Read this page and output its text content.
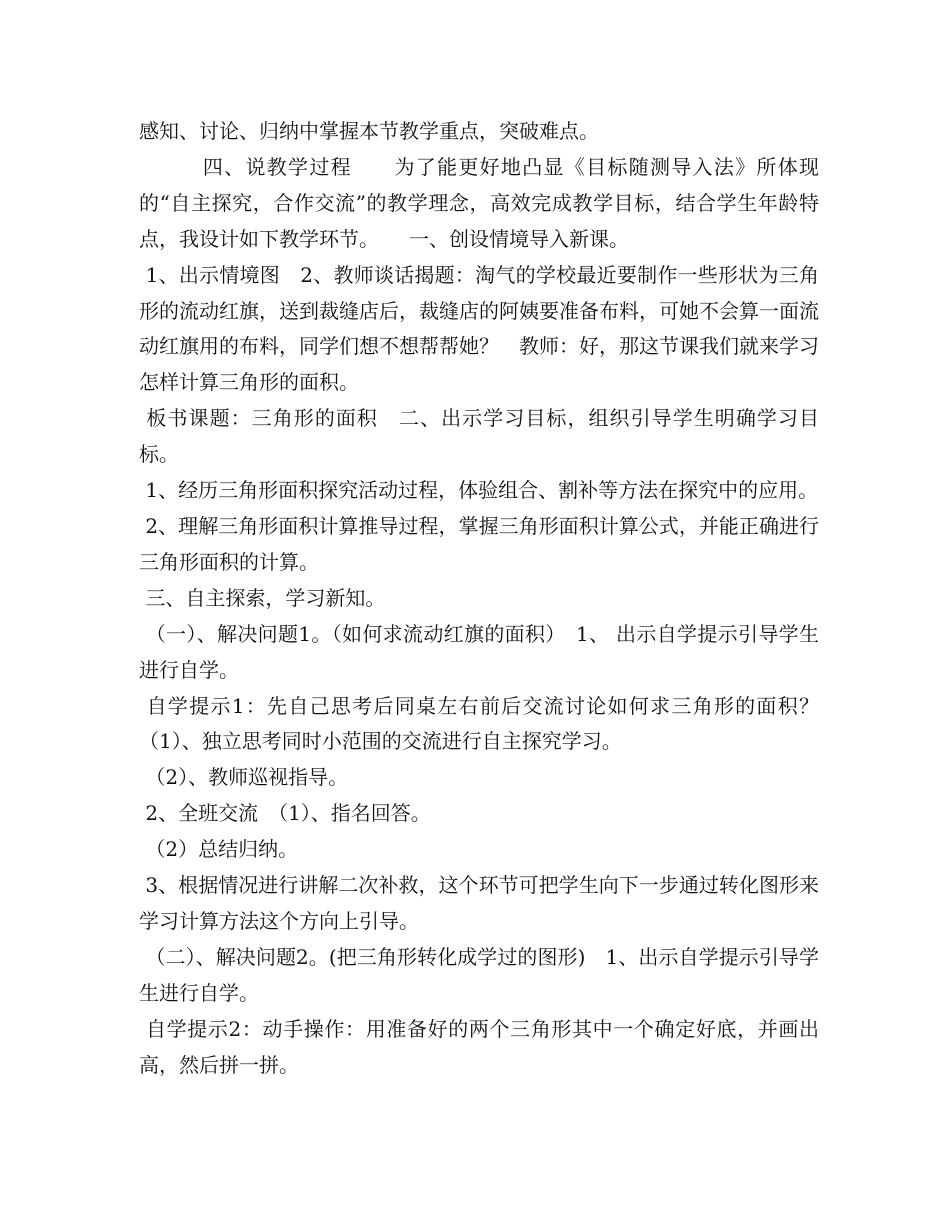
感知、讨论、归纳中掌握本节教学重点，突破难点。

　　　四、说教学过程　　为了能更好地凸显《目标随测导入法》所体现的“自主探究，合作交流”的教学理念，高效完成教学目标，结合学生年龄特点，我设计如下教学环节。　　一、创设情境导入新课。

1、出示情境图　2、教师谈话揭题：淘气的学校最近要制作一些形状为三角形的流动红旗，送到裁缝店后，裁缝店的阿姨要准备布料，可她不会算一面流动红旗用的布料，同学们想不想帮帮她？　教师：好，那这节课我们就来学习怎样计算三角形的面积。

板书课题：三角形的面积　二、出示学习目标，组织引导学生明确学习目标。

1、经历三角形面积探究活动过程，体验组合、割补等方法在探究中的应用。

2、理解三角形面积计算推导过程，掌握三角形面积计算公式，并能正确进行三角形面积的计算。

三、自主探索，学习新知。

（一）、解决问题1。（如何求流动红旗的面积）　1、 出示自学提示引导学生进行自学。

自学提示1：先自己思考后同桌左右前后交流讨论如何求三角形的面积？　（1）、独立思考同时小范围的交流进行自主探究学习。

（2）、教师巡视指导。

2、全班交流　（1）、指名回答。

（2）总结归纳。

3、根据情况进行讲解二次补救，这个环节可把学生向下一步通过转化图形来学习计算方法这个方向上引导。

（二）、解决问题2。(把三角形转化成学过的图形)　1、出示自学提示引导学生进行自学。

自学提示2：动手操作：用准备好的两个三角形其中一个确定好底，并画出高，然后拼一拼。
